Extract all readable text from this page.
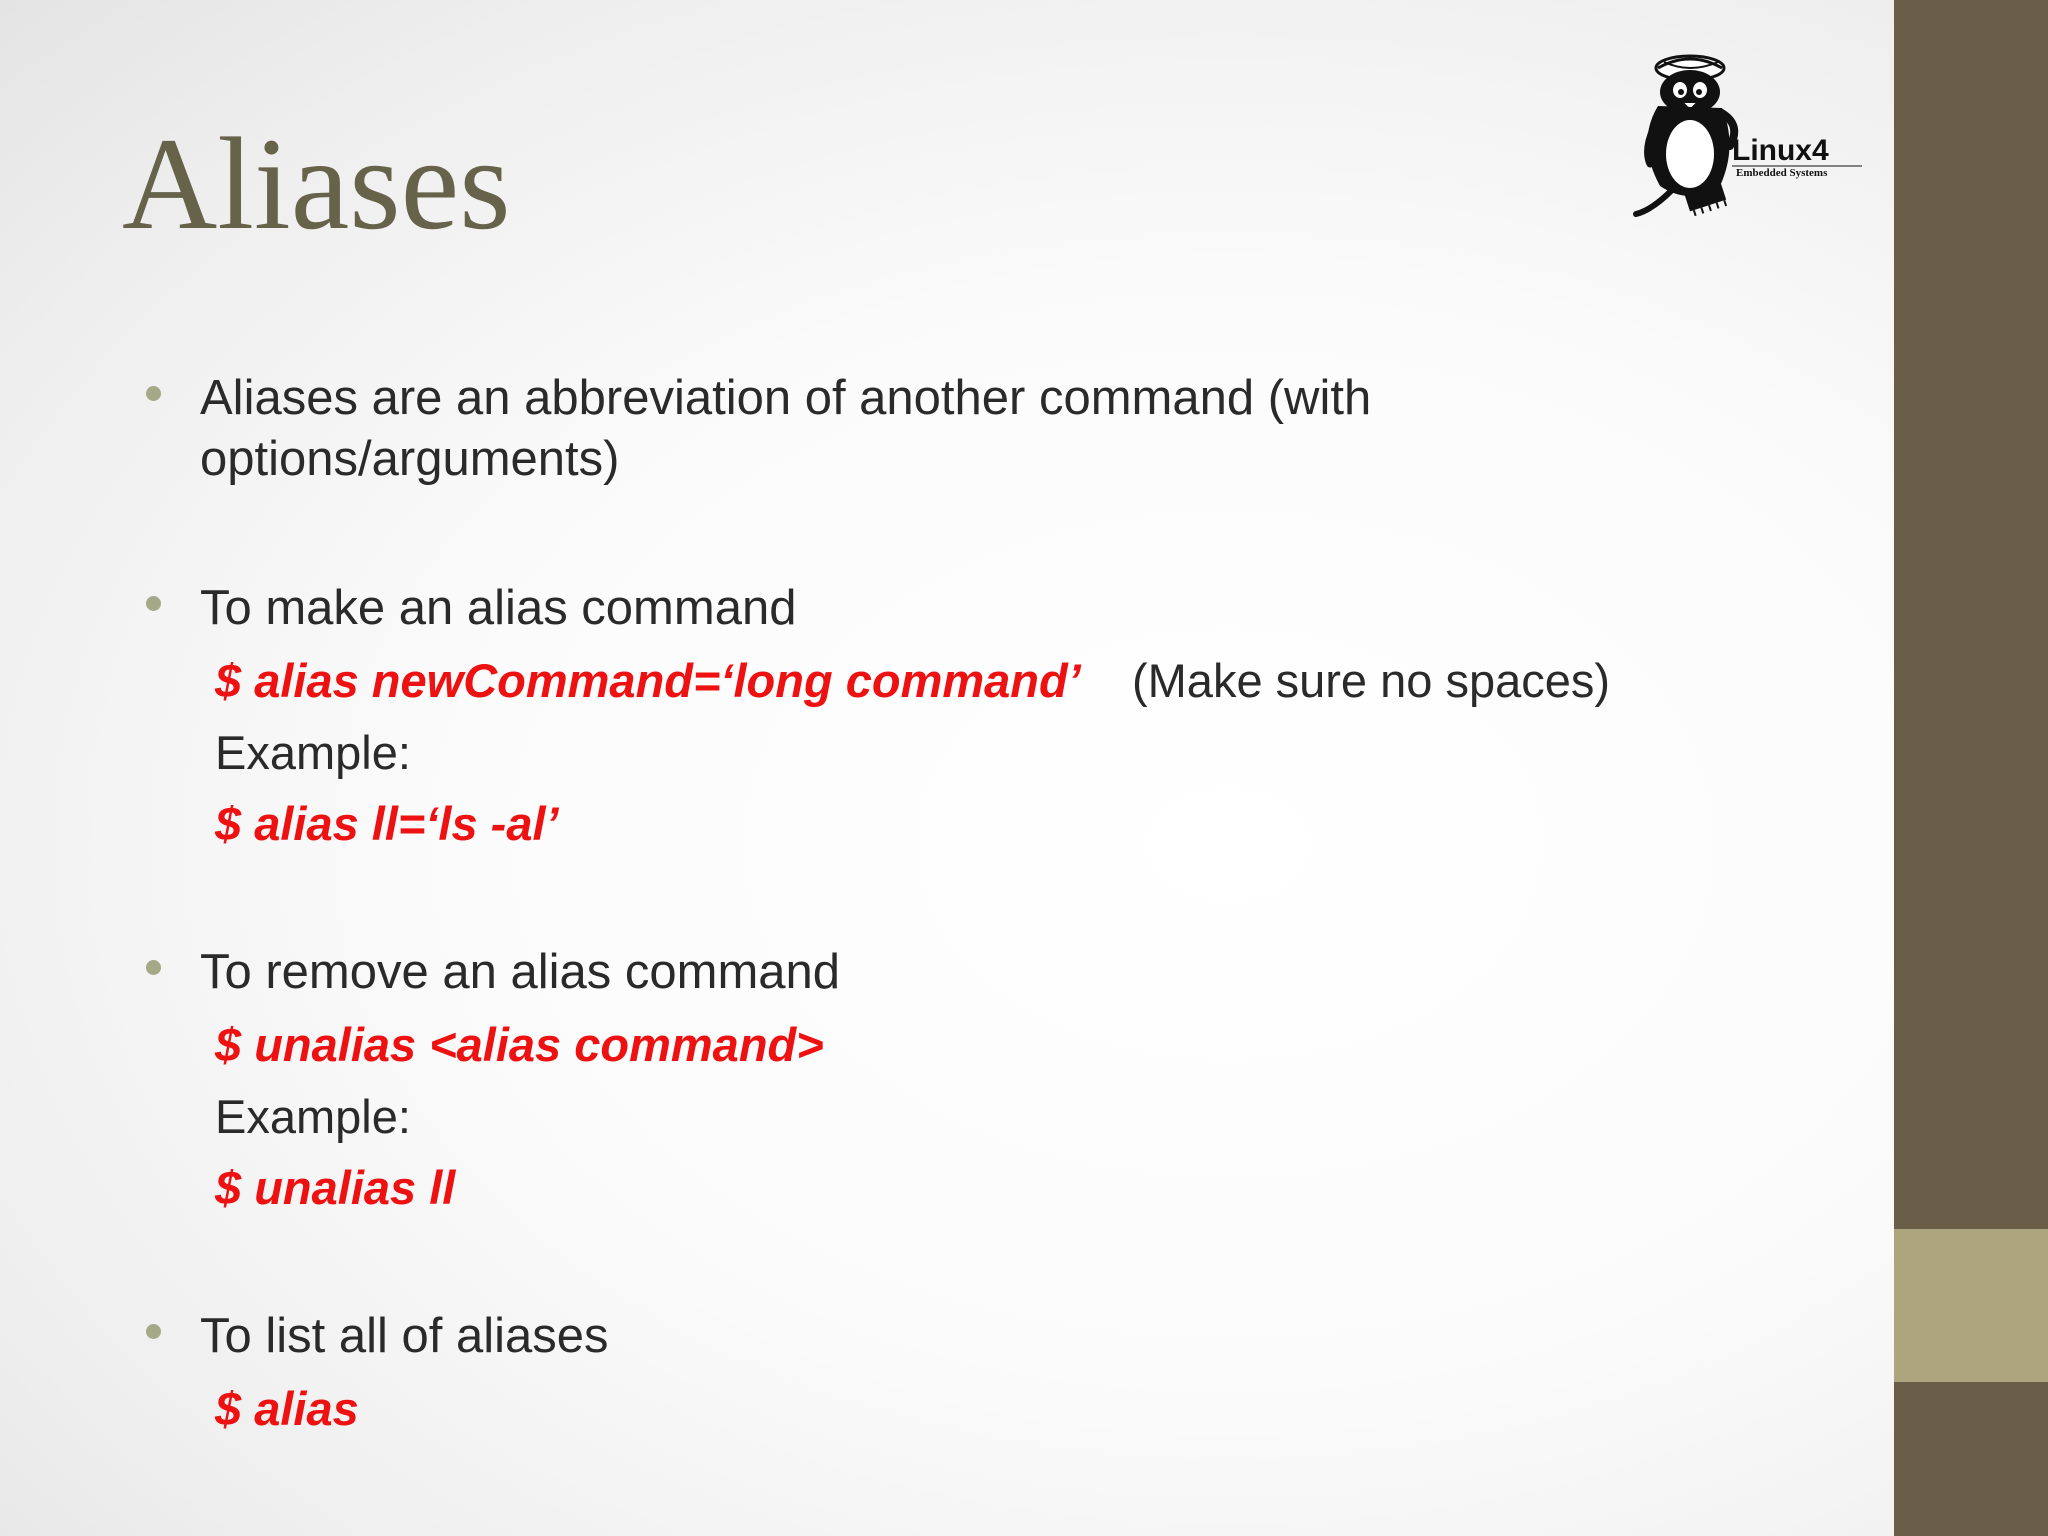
Aliases	Linux4
Embedded Systems
Aliases are an abbreviation of another command (with options/arguments)
To make an alias command
$ alias newCommand=‘long command’ (Make sure no spaces)
Example:
$ alias ll=‘ls -al’
To remove an alias command
$ unalias <alias command>
Example:
$ unalias ll
To list all of aliases
$ alias
